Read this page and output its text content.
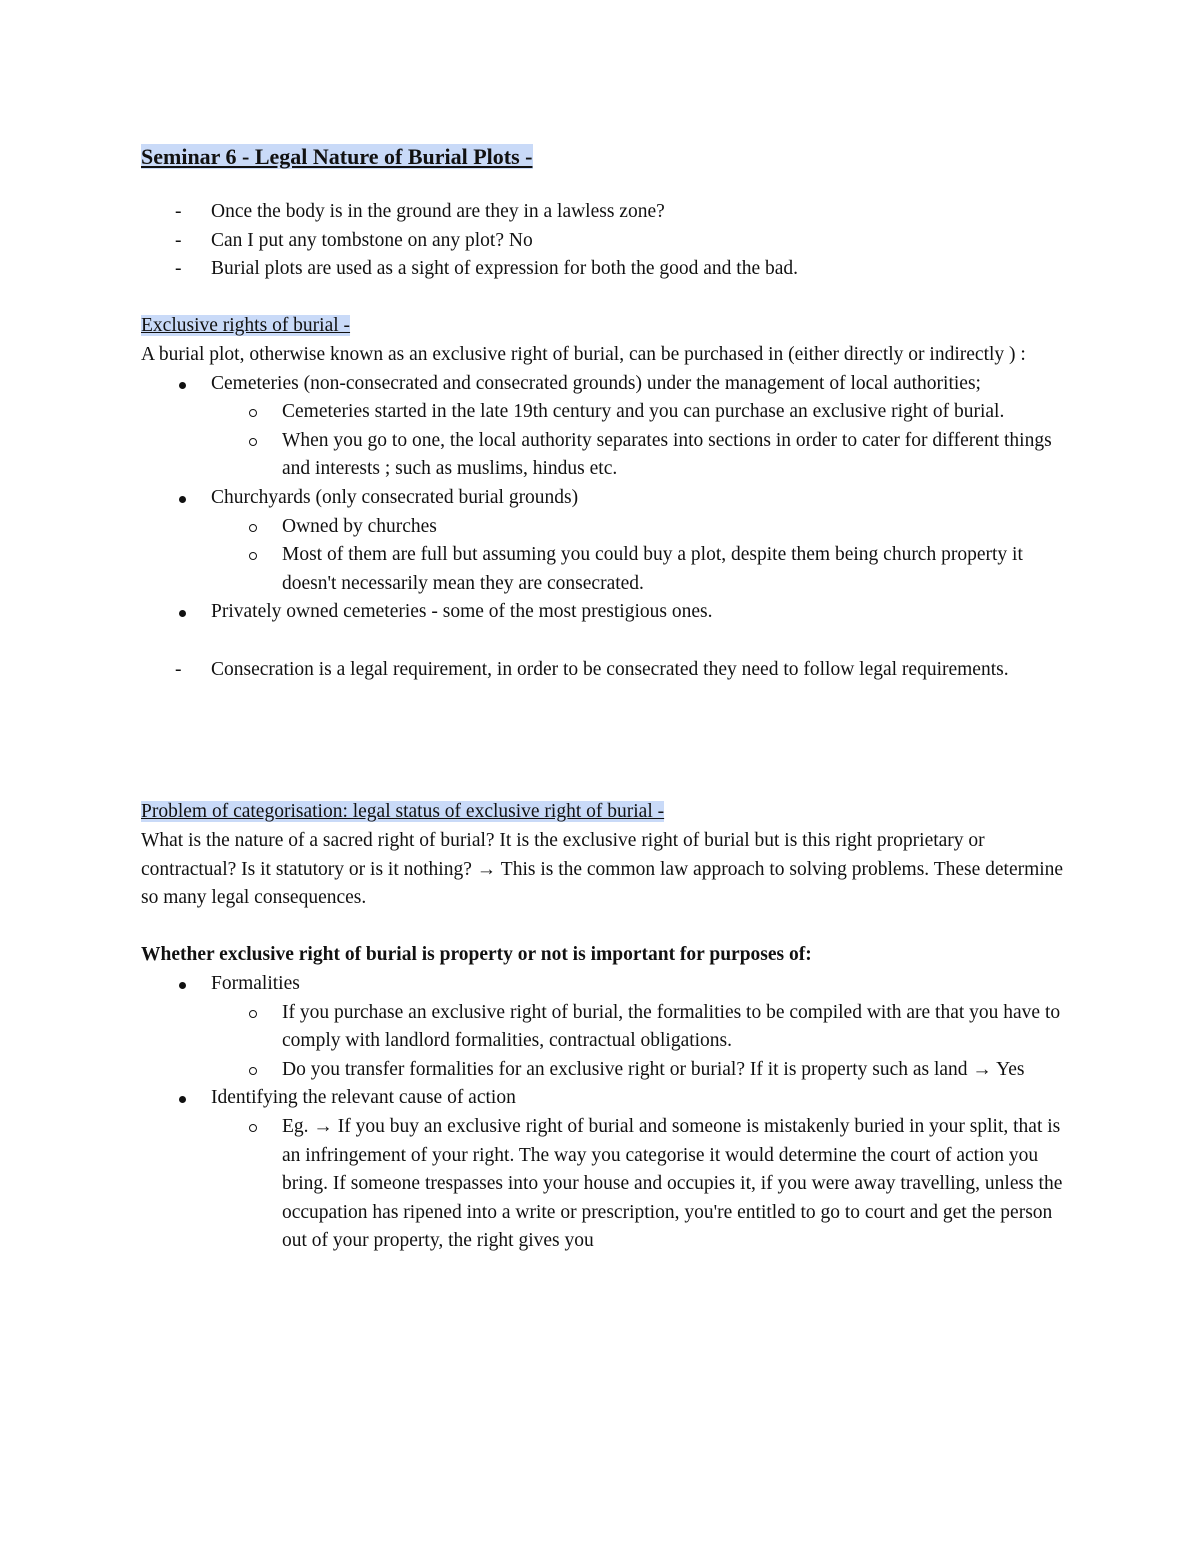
Seminar 6 - Legal Nature of Burial Plots -
-	Once the body is in the ground are they in a lawless zone?
-	Can I put any tombstone on any plot? No
-	Burial plots are used as a sight of expression for both the good and the bad.
Exclusive rights of burial -

A burial plot, otherwise known as an exclusive right of burial, can be purchased in (either directly or indirectly ) :

Cemeteries (non-consecrated and consecrated grounds) under the management of local authorities;
Cemeteries started in the late 19th century and you can purchase an exclusive right of burial.
When you go to one, the local authority separates into sections in order to cater for different things and interests ; such as muslims, hindus etc.
Churchyards (only consecrated burial grounds)
Owned by churches
Most of them are full but assuming you could buy a plot, despite them being church property it doesn't necessarily mean they are consecrated.
Privately owned cemeteries - some of the most prestigious ones.
-	Consecration is a legal requirement, in order to be consecrated they need to follow legal requirements.
Problem of categorisation: legal status of exclusive right of burial -

What is the nature of a sacred right of burial? It is the exclusive right of burial but is this right proprietary or contractual? Is it statutory or is it nothing? → This is the common law approach to solving problems. These determine so many legal consequences.

Whether exclusive right of burial is property or not is important for purposes of:

Formalities
If you purchase an exclusive right of burial, the formalities to be compiled with are that you have to comply with landlord formalities, contractual obligations.
Do you transfer formalities for an exclusive right or burial? If it is property such as land → Yes
Identifying the relevant cause of action
Eg. → If you buy an exclusive right of burial and someone is mistakenly buried in your split, that is an infringement of your right. The way you categorise it would determine the court of action you bring. If someone trespasses into your house and occupies it, if you were away travelling, unless the occupation has ripened into a write or prescription, you're entitled to go to court and get the person out of your property, the right gives you
